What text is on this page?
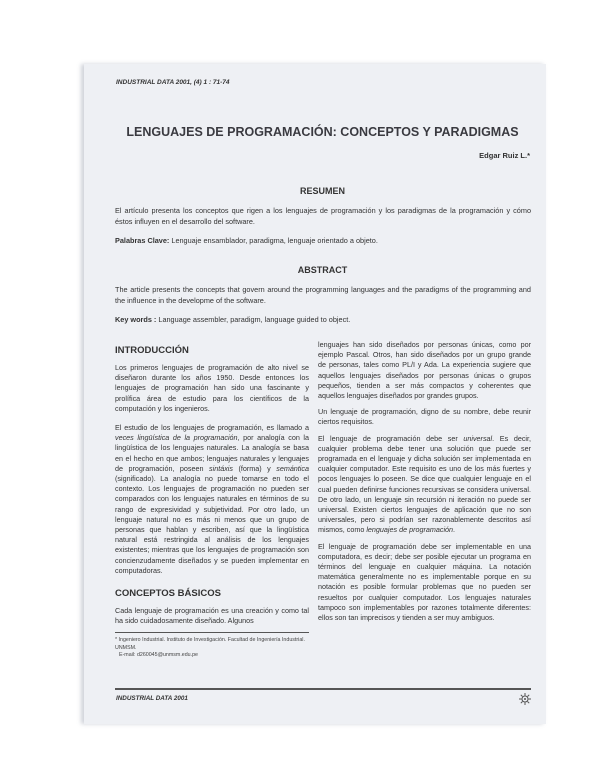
INDUSTRIAL DATA 2001, (4) 1 : 71-74
LENGUAJES DE PROGRAMACIÓN: CONCEPTOS Y PARADIGMAS
Edgar Ruiz L.*
RESUMEN
El artículo presenta los conceptos que rigen a los lenguajes de programación y los paradigmas de la programación y cómo éstos influyen en el desarrollo del software.
Palabras Clave: Lenguaje ensamblador, paradigma, lenguaje orientado a objeto.
ABSTRACT
The article presents the concepts that govern around the programming languages and the paradigms of the programming and the influence in the developme of the software.
Key words : Language assembler, paradigm, language guided to object.
INTRODUCCIÓN

Los primeros lenguajes de programación de alto nivel se diseñaron durante los años 1950. Desde entonces los lenguajes de programación han sido una fascinante y prolífica área de estudio para los científicos de la computación y los ingenieros.

El estudio de los lenguajes de programación, es llamado a veces lingüística de la programación, por analogía con la lingüística de los lenguajes naturales. La analogía se basa en el hecho en que ambos; lenguajes naturales y lenguajes de programación, poseen sintáxis (forma) y semántica (significado). La analogía no puede tomarse en todo el contexto. Los lenguajes de programación no pueden ser comparados con los lenguajes naturales en términos de su rango de expresividad y subjetividad. Por otro lado, un lenguaje natural no es más ni menos que un grupo de personas que hablan y escriben, así que la lingüística natural está restringida al análisis de los lenguajes existentes; mientras que los lenguajes de programación son concienzudamente diseñados y se pueden implementar en computadoras.

CONCEPTOS BÁSICOS

Cada lenguaje de programación es una creación y como tal ha sido cuidadosamente diseñado. Algunos

* Ingeniero Industrial. Instituto de Investigación. Facultad de Ingeniería Industrial. UNMSM.
E-mail: d260045@unmsm.edu.pe

lenguajes han sido diseñados por personas únicas, como por ejemplo Pascal. Otros, han sido diseñados por un grupo grande de personas, tales como PL/I y Ada. La experiencia sugiere que aquellos lenguajes diseñados por personas únicas o grupos pequeños, tienden a ser más compactos y coherentes que aquellos lenguajes diseñados por grandes grupos.

Un lenguaje de programación, digno de su nombre, debe reunir ciertos requisitos.

El lenguaje de programación debe ser universal. Es decir, cualquier problema debe tener una solución que puede ser programada en el lenguaje y dicha solución ser implementada en cualquier computador. Este requisito es uno de los más fuertes y pocos lenguajes lo poseen. Se dice que cualquier lenguaje en el cual pueden definirse funciones recursivas se considera universal. De otro lado, un lenguaje sin recursión ni iteración no puede ser universal. Existen ciertos lenguajes de aplicación que no son universales, pero si podrían ser razonablemente descritos así mismos, como lenguajes de programación.

El lenguaje de programación debe ser implementable en una computadora, es decir; debe ser posible ejecutar un programa en términos del lenguaje en cualquier máquina. La notación matemática generalmente no es implementable porque en su notación es posible formular problemas que no pueden ser resueltos por cualquier computador. Los lenguajes naturales tampoco son implementables por razones totalmente diferentes: ellos son tan imprecisos y tienden a ser muy ambiguos.

INDUSTRIAL DATA 2001
